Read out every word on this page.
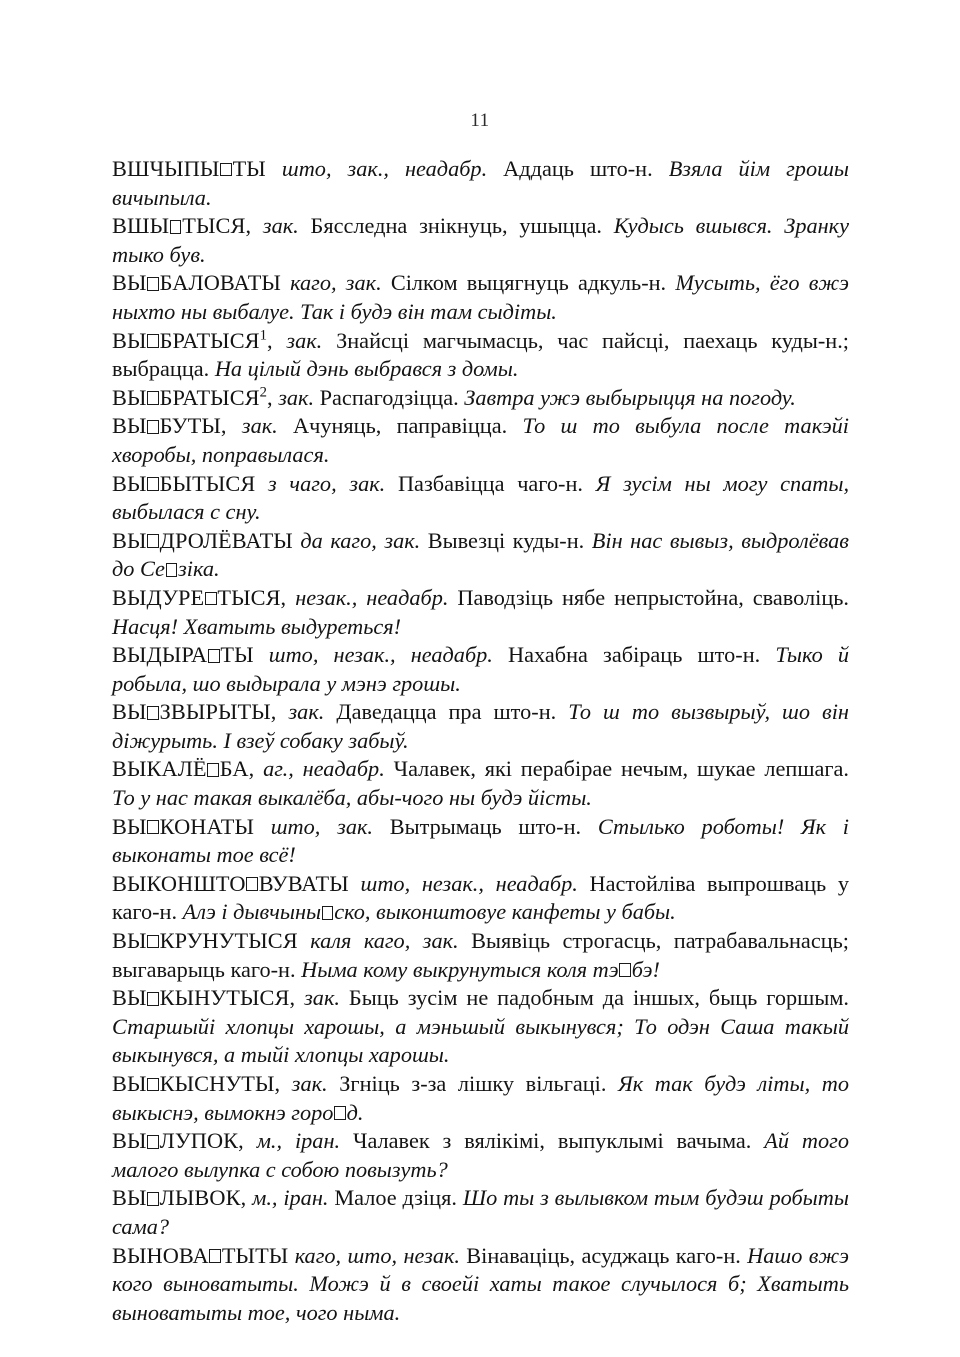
11

ВШЧЫПЫ ТЫ што, зак., неадабр. Аддаць што-н. Взяла йім грошы вичыпыла.

ВШЫ ТЫСЯ, зак. Бясследна знікнуць, ушыцца. Кудысь вшывся. Зранку тыко був.

ВЫ БАЛОВАТЫ каго, зак. Сілком выцягнуць адкуль-н. Мусыть, ёго вжэ ныхто ны выбалуе. Так і будэ він там сыдіты.

ВЫ БРАТЫСЯ$^1$, зак. Знайсці магчымасць, час пайсці, паехаць куды-н.; выбрацца. На цілый дэнь выбрався з домы.

ВЫ БРАТЫСЯ$^2$, зак. Распагодзіцца. Завтра ужэ выбырыцця на погоду.

ВЫ БУТЫ, зак. Ачуняць, паправіцца. То ш то выбула после такэйі хворобы, поправылася.

ВЫ БЫТЫСЯ з чаго, зак. Пазбавіцца чаго-н. Я зусім ны могу спаты, выбылася с сну.

ВЫ ДРОЛЁВАТЫ да каго, зак. Вывезці куды-н. Він нас вывыз, выдролёвав до Се зіка.

ВЫДУРЕ ТЫСЯ, незак., неадабр. Паводзіць нябе непрыстойна, сваволіць. Насця! Хватыть выдуреться!

ВЫДЫРА ТЫ што, незак., неадабр. Нахабна забіраць што-н. Тыко й робыла, шо выдырала у мэнэ грошы.

ВЫ ЗВЫРЫТЫ, зак. Даведацца пра што-н. То ш то вызвырыў, шо він діжурыть. І взеў собаку забыў.

ВЫКАЛЁ БА, аг., неадабр. Чалавек, які перабірае нечым, шукае лепшага. То у нас такая выкалёба, абы-чого ны будэ йісты.

ВЫ КОНАТЫ што, зак. Вытрымаць што-н. Стылько роботы! Як і выконаты тое всё!

ВЫКОНШТО ВУВАТЫ што, незак., неадабр. Настойліва выпрошваць у каго-н. Алэ і дывчыны ско, выконштовуе канфеты у бабы.

ВЫ КРУНУТЫСЯ каля каго, зак. Выявіць строгасць, патрабавальнасць; выгаварыць каго-н. Ныма кому выкрунутыся коля тэ бэ!

ВЫ КЫНУТЫСЯ, зак. Быць зусім не падобным да іншых, быць горшым. Старшыйі хлопцы харошы, а мэньшый выкынувся; То одэн Саша такый выкынувся, а тыйі хлопцы харошы.

ВЫ КЫСНУТЫ, зак. Згніць з-за лішку вільгаці. Як так будэ літы, то выкыснэ, вымокнэ горо д.

ВЫ ЛУПОК, м., іран. Чалавек з вялікімі, выпуклымі вачыма. Ай того малого вылупка с собою повызуть?

ВЫ ЛЫВОК, м., іран. Малое дзіця. Шо ты з вылывком тым будэш робыты сама?

ВЫНОВА ТЫТЫ каго, што, незак. Вінаваціць, асуджаць каго-н. Нашо вжэ кого выноватыты. Можэ й в своейі хаты такое случылося б; Хватыть выноватыты тое, чого ныма.
